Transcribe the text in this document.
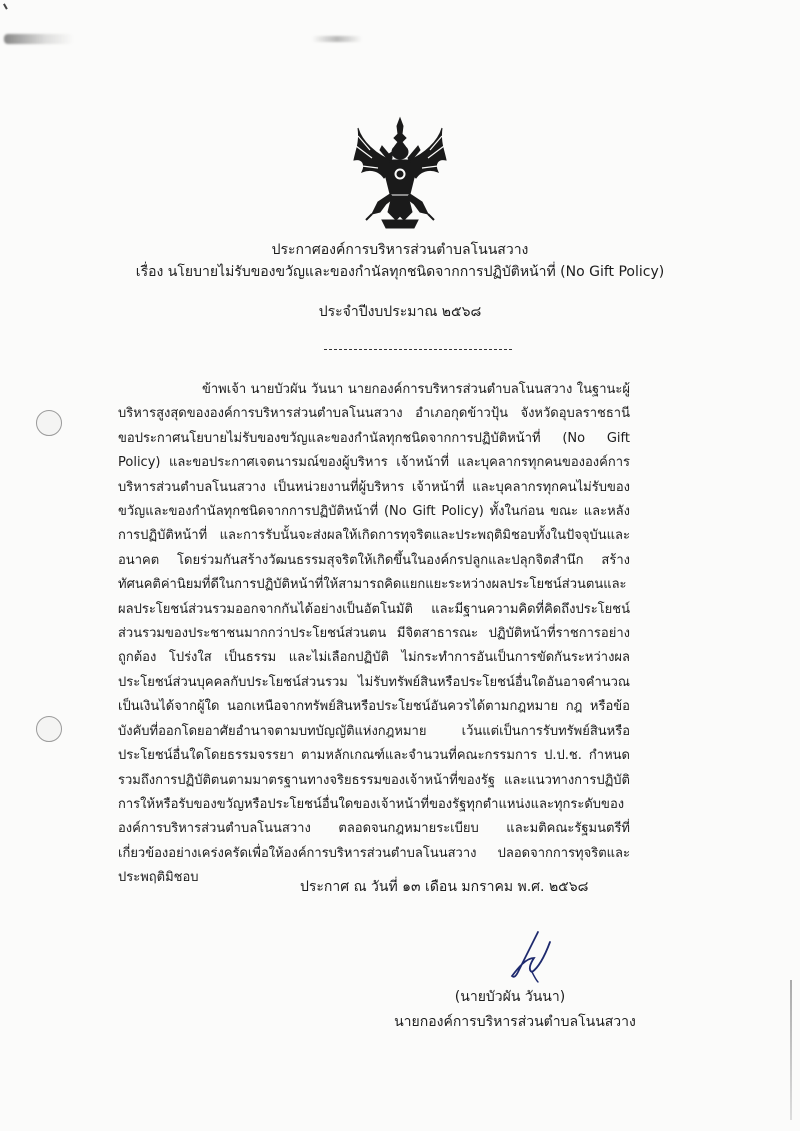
ประกาศองค์การบริหารส่วนตำบลโนนสวาง
เรื่อง นโยบายไม่รับของขวัญและของกำนัลทุกชนิดจากการปฏิบัติหน้าที่ (No Gift Policy)
ประจำปีงบประมาณ ๒๕๖๘

ข้าพเจ้า นายบัวผัน วันนา นายกองค์การบริหารส่วนตำบลโนนสวาง ในฐานะผู้บริหารสูงสุดขององค์การบริหารส่วนตำบลโนนสวาง อำเภอกุดข้าวปุ้น จังหวัดอุบลราชธานี ขอประกาศนโยบายไม่รับของขวัญและของกำนัลทุกชนิดจากการปฏิบัติหน้าที่ (No Gift Policy) และขอประกาศเจตนารมณ์ของผู้บริหาร เจ้าหน้าที่ และบุคลากรทุกคนขององค์การบริหารส่วนตำบลโนนสวาง เป็นหน่วยงานที่ผู้บริหาร เจ้าหน้าที่ และบุคลากรทุกคนไม่รับของขวัญและของกำนัลทุกชนิดจากการปฏิบัติหน้าที่ (No Gift Policy) ทั้งในก่อน ขณะ และหลังการปฏิบัติหน้าที่ และการรับนั้นจะส่งผลให้เกิดการทุจริตและประพฤติมิชอบทั้งในปัจจุบันและอนาคต โดยร่วมกันสร้างวัฒนธรรมสุจริตให้เกิดขึ้นในองค์กรปลูกและปลุกจิตสำนึก สร้างทัศนคติค่านิยมที่ดีในการปฏิบัติหน้าที่ให้สามารถคิดแยกแยะระหว่างผลประโยชน์ส่วนตนและผลประโยชน์ส่วนรวมออกจากกันได้อย่างเป็นอัตโนมัติ และมีฐานความคิดที่คิดถึงประโยชน์ส่วนรวมของประชาชนมากกว่าประโยชน์ส่วนตน มีจิตสาธารณะ ปฏิบัติหน้าที่ราชการอย่างถูกต้อง โปร่งใส เป็นธรรม และไม่เลือกปฏิบัติ ไม่กระทำการอันเป็นการขัดกันระหว่างผลประโยชน์ส่วนบุคคลกับประโยชน์ส่วนรวม ไม่รับทรัพย์สินหรือประโยชน์อื่นใดอันอาจคำนวณเป็นเงินได้จากผู้ใด นอกเหนือจากทรัพย์สินหรือประโยชน์อันควรได้ตามกฎหมาย กฎ หรือข้อบังคับที่ออกโดยอาศัยอำนาจตามบทบัญญัติแห่งกฎหมาย เว้นแต่เป็นการรับทรัพย์สินหรือประโยชน์อื่นใดโดยธรรมจรรยา ตามหลักเกณฑ์และจำนวนที่คณะกรรมการ ป.ป.ช. กำหนด รวมถึงการปฏิบัติตนตามมาตรฐานทางจริยธรรมของเจ้าหน้าที่ของรัฐ และแนวทางการปฏิบัติการให้หรือรับของขวัญหรือประโยชน์อื่นใดของเจ้าหน้าที่ของรัฐทุกตำแหน่งและทุกระดับขององค์การบริหารส่วนตำบลโนนสวาง ตลอดจนกฎหมายระเบียบ และมติคณะรัฐมนตรีที่เกี่ยวข้องอย่างเคร่งครัดเพื่อให้องค์การบริหารส่วนตำบลโนนสวาง ปลอดจากการทุจริตและประพฤติมิชอบ

ประกาศ ณ วันที่ ๑๓ เดือน มกราคม พ.ศ. ๒๕๖๘

(นายบัวผัน วันนา)

นายกองค์การบริหารส่วนตำบลโนนสวาง
